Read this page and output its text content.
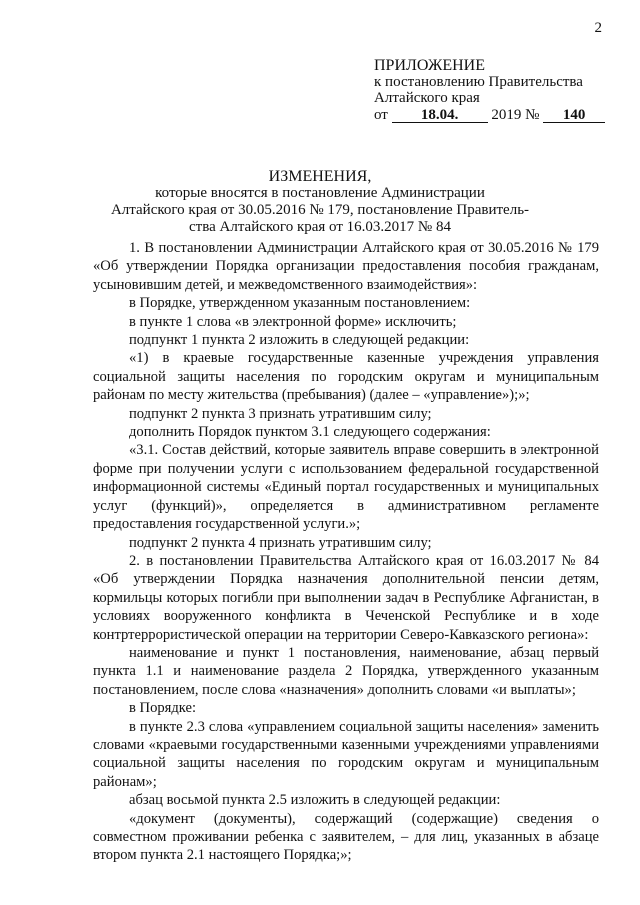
2
ПРИЛОЖЕНИЕ
к постановлению Правительства
Алтайского края
от 18.04. 2019 № 140
ИЗМЕНЕНИЯ,
которые вносятся в постановление Администрации
Алтайского края от 30.05.2016 № 179, постановление Правитель-
ства Алтайского края от 16.03.2017 № 84

1. В постановлении Администрации Алтайского края от 30.05.2016 № 179 «Об утверждении Порядка организации предоставления пособия гражданам, усыновившим детей, и межведомственного взаимодействия»:

в Порядке, утвержденном указанным постановлением:

в пункте 1 слова «в электронной форме» исключить;

подпункт 1 пункта 2 изложить в следующей редакции:

«1) в краевые государственные казенные учреждения управления социальной защиты населения по городским округам и муниципальным районам по месту жительства (пребывания) (далее – «управление»);»;

подпункт 2 пункта 3 признать утратившим силу;

дополнить Порядок пунктом 3.1 следующего содержания:

«3.1. Состав действий, которые заявитель вправе совершить в электронной форме при получении услуги с использованием федеральной государственной информационной системы «Единый портал государственных и муниципальных услуг (функций)», определяется в административном регламенте предоставления государственной услуги.»;

подпункт 2 пункта 4 признать утратившим силу;

2. в постановлении Правительства Алтайского края от 16.03.2017 № 84 «Об утверждении Порядка назначения дополнительной пенсии детям, кормильцы которых погибли при выполнении задач в Республике Афганистан, в условиях вооруженного конфликта в Чеченской Республике и в ходе контртеррористической операции на территории Северо-Кавказского региона»:

наименование и пункт 1 постановления, наименование, абзац первый пункта 1.1 и наименование раздела 2 Порядка, утвержденного указанным постановлением, после слова «назначения» дополнить словами «и выплаты»;

в Порядке:

в пункте 2.3 слова «управлением социальной защиты населения» заменить словами «краевыми государственными казенными учреждениями управлениями социальной защиты населения по городским округам и муниципальным районам»;

абзац восьмой пункта 2.5 изложить в следующей редакции:

«документ (документы), содержащий (содержащие) сведения о совместном проживании ребенка с заявителем, – для лиц, указанных в абзаце втором пункта 2.1 настоящего Порядка;»;
